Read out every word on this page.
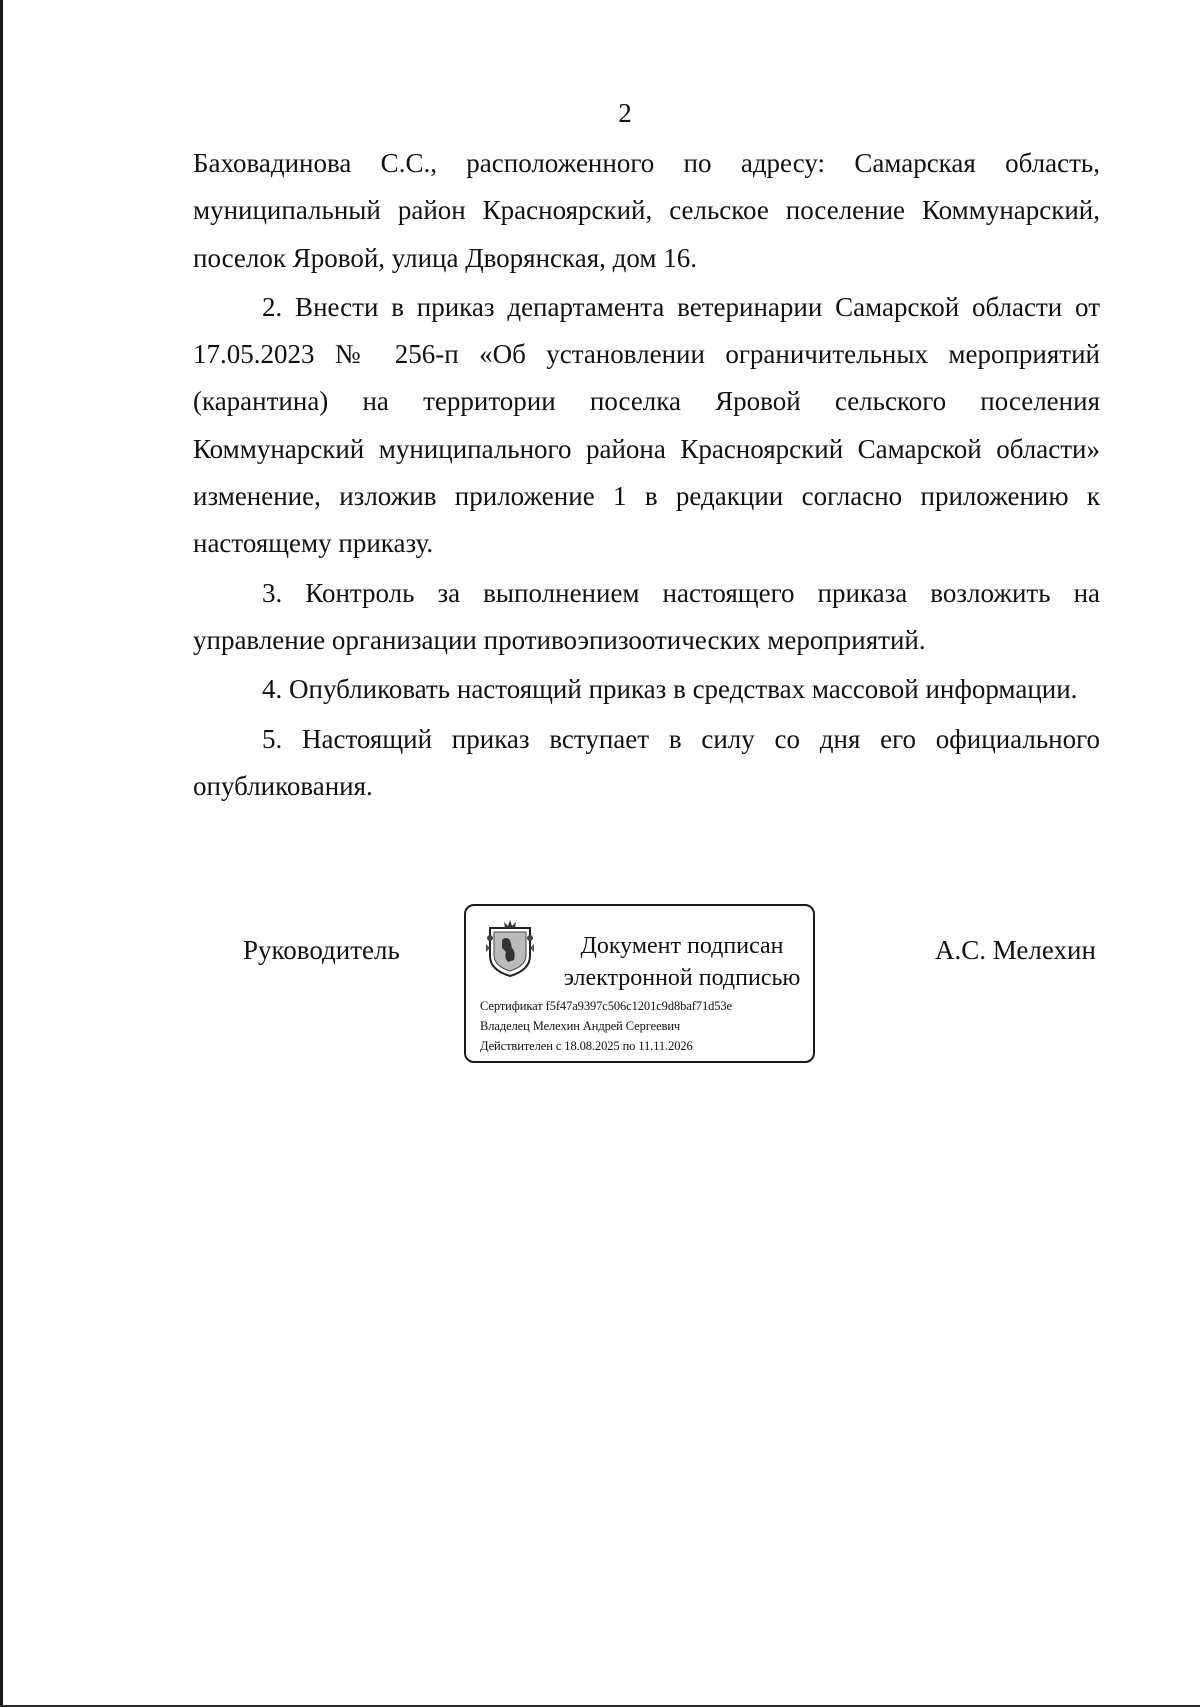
2

Баховадинова С.С., расположенного по адресу: Самарская область, муниципальный район Красноярский, сельское поселение Коммунарский, поселок Яровой, улица Дворянская, дом 16.

2. Внести в приказ департамента ветеринарии Самарской области от 17.05.2023 № 256-п «Об установлении ограничительных мероприятий (карантина) на территории поселка Яровой сельского поселения Коммунарский муниципального района Красноярский Самарской области» изменение, изложив приложение 1 в редакции согласно приложению к настоящему приказу.

3. Контроль за выполнением настоящего приказа возложить на управление организации противоэпизоотических мероприятий.

4. Опубликовать настоящий приказ в средствах массовой информации.

5. Настоящий приказ вступает в силу со дня его официального опубликования.

Руководитель	Документ подписан
электронной подписью
Сертификат f5f47a9397c506c1201c9d8baf71d53e
Владелец Мелехин Андрей Сергеевич
Действителен с 18.08.2025 по 11.11.2026
А.С. Мелехин
